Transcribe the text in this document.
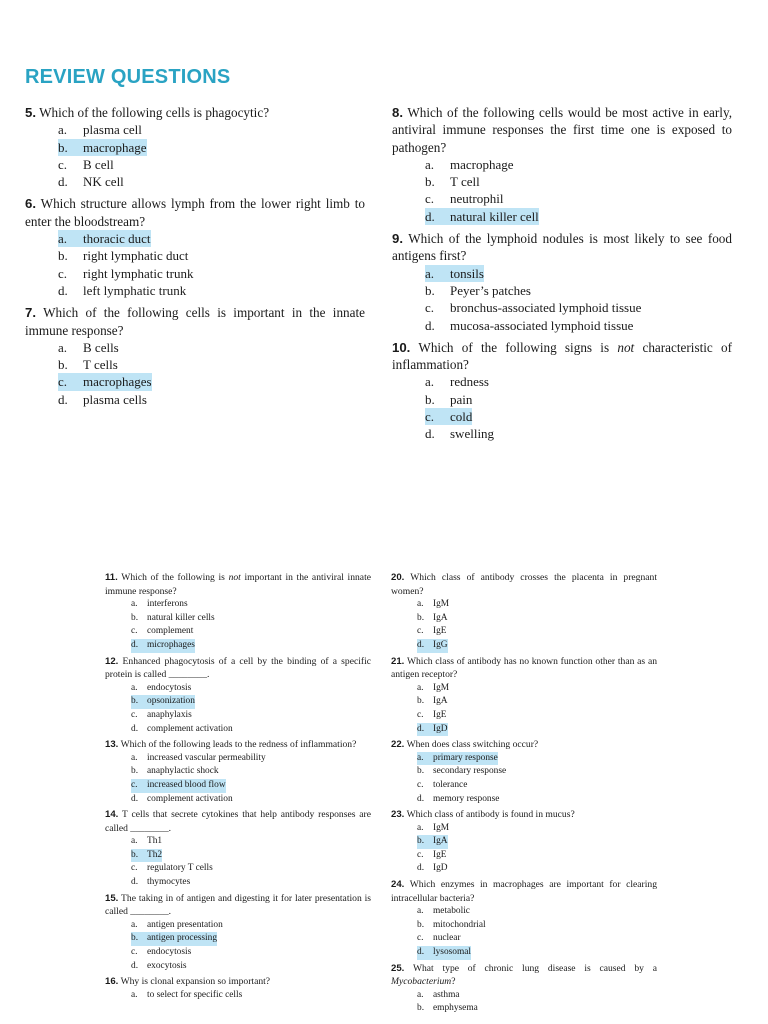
REVIEW QUESTIONS
5. Which of the following cells is phagocytic?
a.	plasma cell
b.	macrophage
c.	B cell
d.	NK cell
6. Which structure allows lymph from the lower right limb to enter the bloodstream?
a.	thoracic duct
b.	right lymphatic duct
c.	right lymphatic trunk
d.	left lymphatic trunk
7. Which of the following cells is important in the innate immune response?
a.	B cells
b.	T cells
c.	macrophages
d.	plasma cells
8. Which of the following cells would be most active in early, antiviral immune responses the first time one is exposed to pathogen?
a.	macrophage
b.	T cell
c.	neutrophil
d.	natural killer cell
9. Which of the lymphoid nodules is most likely to see food antigens first?
a.	tonsils
b.	Peyer’s patches
c.	bronchus-associated lymphoid tissue
d.	mucosa-associated lymphoid tissue
10. Which of the following signs is not characteristic of inflammation?
a.	redness
b.	pain
c.	cold
d.	swelling
11. Which of the following is not important in the antiviral innate immune response?
a.	interferons
b. natural killer cells
c.	complement
d. microphages
12. Enhanced phagocytosis of a cell by the binding of a specific protein is called ________.
a.	endocytosis
b. opsonization
c.	anaphylaxis
d. complement activation
13. Which of the following leads to the redness of inflammation?
a.	increased vascular permeability
b. anaphylactic shock
c.	increased blood flow
d. complement activation
14. T cells that secrete cytokines that help antibody responses are called ________.
a.	Th1
b. Th2
c.	regulatory T cells
d. thymocytes
15. The taking in of antigen and digesting it for later presentation is called ________.
a.	antigen presentation
b. antigen processing
c.	endocytosis
d. exocytosis
16. Why is clonal expansion so important?
a.	to select for specific cells
20. Which class of antibody crosses the placenta in pregnant women?
a.	IgM
b. IgA
c.	IgE
d. IgG
21. Which class of antibody has no known function other than as an antigen receptor?
a.	IgM
b. IgA
c.	IgE
d. IgD
22. When does class switching occur?
a.	primary response
b. secondary response
c.	tolerance
d. memory response
23. Which class of antibody is found in mucus?
a.	IgM
b. IgA
c.	IgE
d. IgD
24. Which enzymes in macrophages are important for clearing intracellular bacteria?
a.	metabolic
b. mitochondrial
c.	nuclear
d. lysosomal
25. What type of chronic lung disease is caused by a Mycobacterium?
a.	asthma
b. emphysema
